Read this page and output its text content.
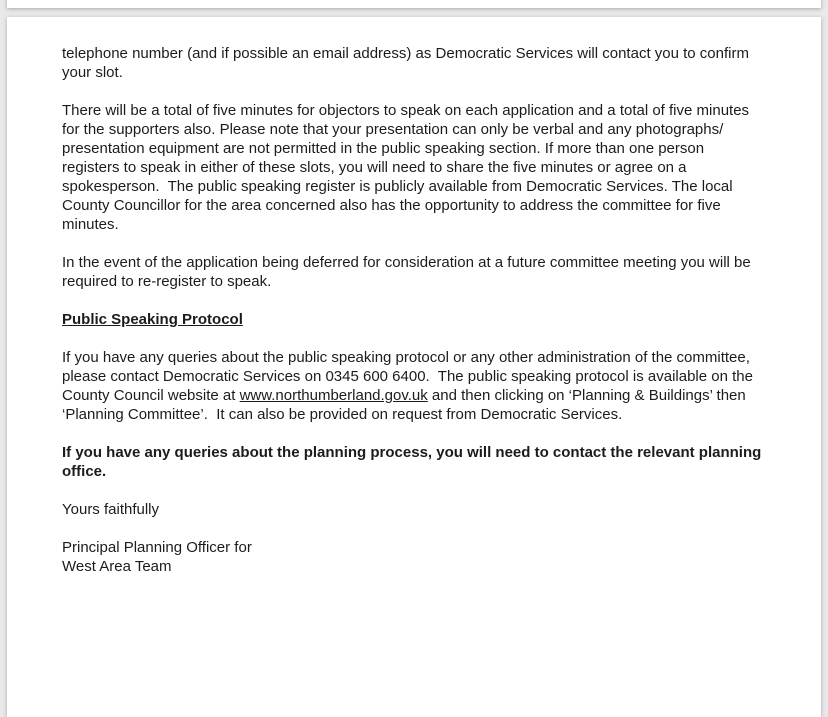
telephone number (and if possible an email address) as Democratic Services will contact you to confirm your slot.

There will be a total of five minutes for objectors to speak on each application and a total of five minutes for the supporters also. Please note that your presentation can only be verbal and any photographs/ presentation equipment are not permitted in the public speaking section. If more than one person registers to speak in either of these slots, you will need to share the five minutes or agree on a spokesperson.  The public speaking register is publicly available from Democratic Services. The local County Councillor for the area concerned also has the opportunity to address the committee for five minutes.

In the event of the application being deferred for consideration at a future committee meeting you will be required to re-register to speak.

Public Speaking Protocol

If you have any queries about the public speaking protocol or any other administration of the committee, please contact Democratic Services on 0345 600 6400.  The public speaking protocol is available on the County Council website at www.northumberland.gov.uk and then clicking on ‘Planning & Buildings’ then ‘Planning Committee’.  It can also be provided on request from Democratic Services.

If you have any queries about the planning process, you will need to contact the relevant planning office.

Yours faithfully

Principal Planning Officer for
West Area Team
